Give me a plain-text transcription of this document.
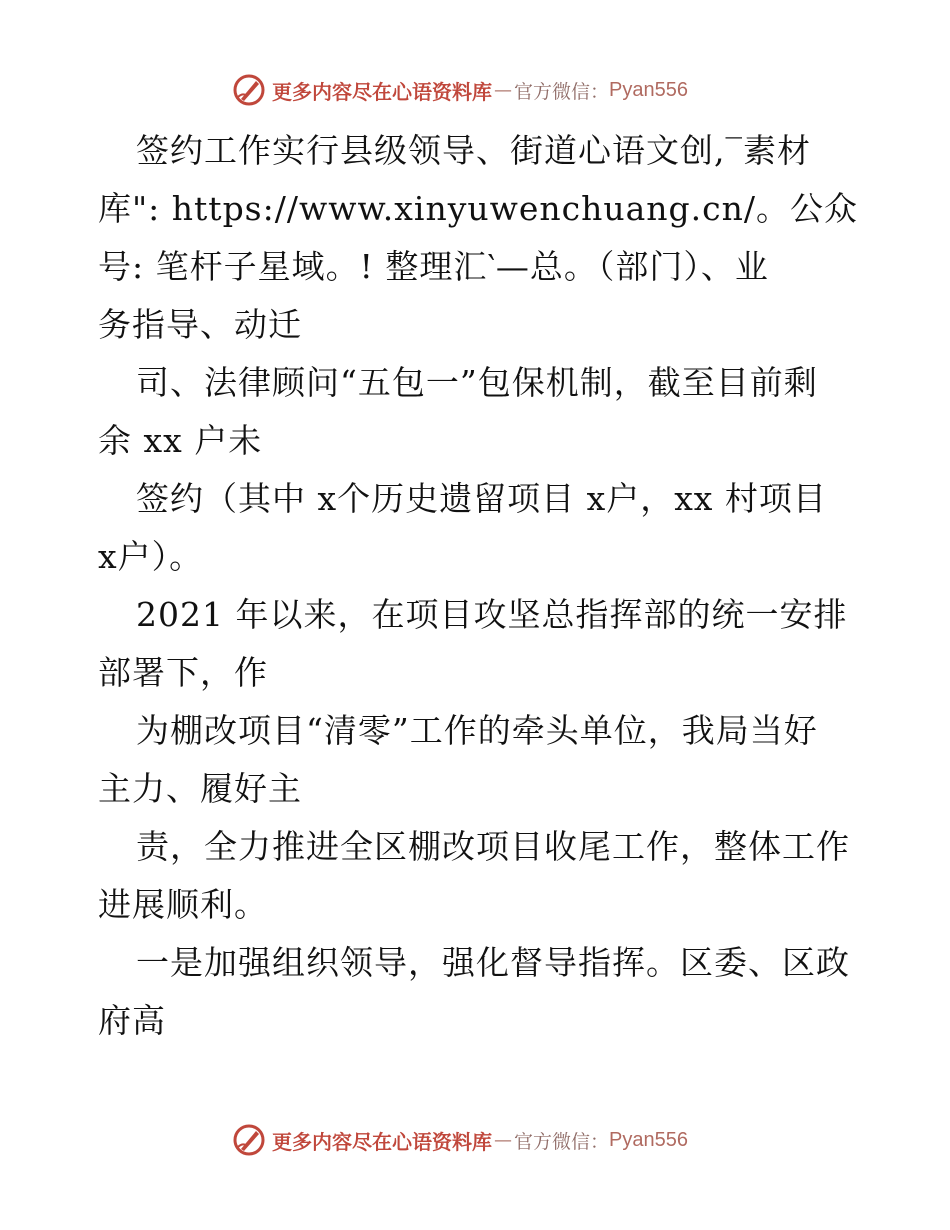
更多内容尽在心语资料库 — 官方微信： Pyan556
签约工作实行县级领导、街道心语文创,‾素材
库": https://www.xinyuwenchuang.cn/。公众
号: 笔杆子星域。! 整理汇‵—总。（部门）、业
务指导、动迁
司、法律顾问“五包一”包保机制，截至目前剩
余 xx 户未
签约（其中 x个历史遗留项目 x户，xx 村项目
x户）。
2021 年以来，在项目攻坚总指挥部的统一安排
部署下，作
为棚改项目“清零”工作的牵头单位，我局当好
主力、履好主
责，全力推进全区棚改项目收尾工作，整体工作
进展顺利。
一是加强组织领导，强化督导指挥。区委、区政
府高
更多内容尽在心语资料库 — 官方微信： Pyan556
